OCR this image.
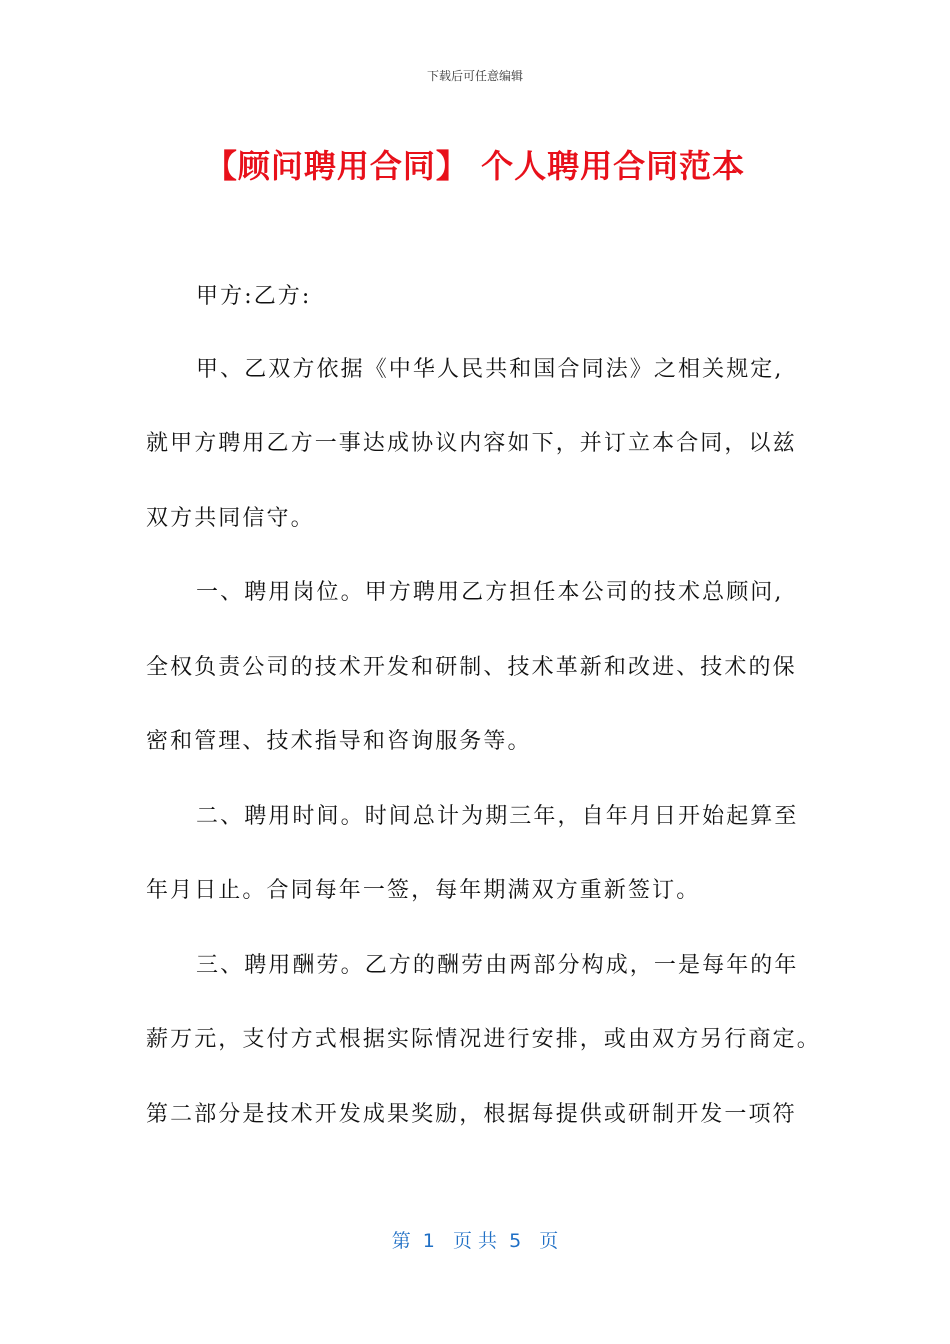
下载后可任意编辑
【顾问聘用合同】 个人聘用合同范本
甲方:乙方:
甲、乙双方依据《中华人民共和国合同法》之相关规定,
就甲方聘用乙方一事达成协议内容如下，并订立本合同，以兹
双方共同信守。
一、聘用岗位。甲方聘用乙方担任本公司的技术总顾问,
全权负责公司的技术开发和研制、技术革新和改进、技术的保
密和管理、技术指导和咨询服务等。
二、聘用时间。时间总计为期三年，自年月日开始起算至
年月日止。合同每年一签，每年期满双方重新签订。
三、聘用酬劳。乙方的酬劳由两部分构成，一是每年的年
薪万元，支付方式根据实际情况进行安排，或由双方另行商定。
第二部分是技术开发成果奖励，根据每提供或研制开发一项符
第  1   页 共  5   页
